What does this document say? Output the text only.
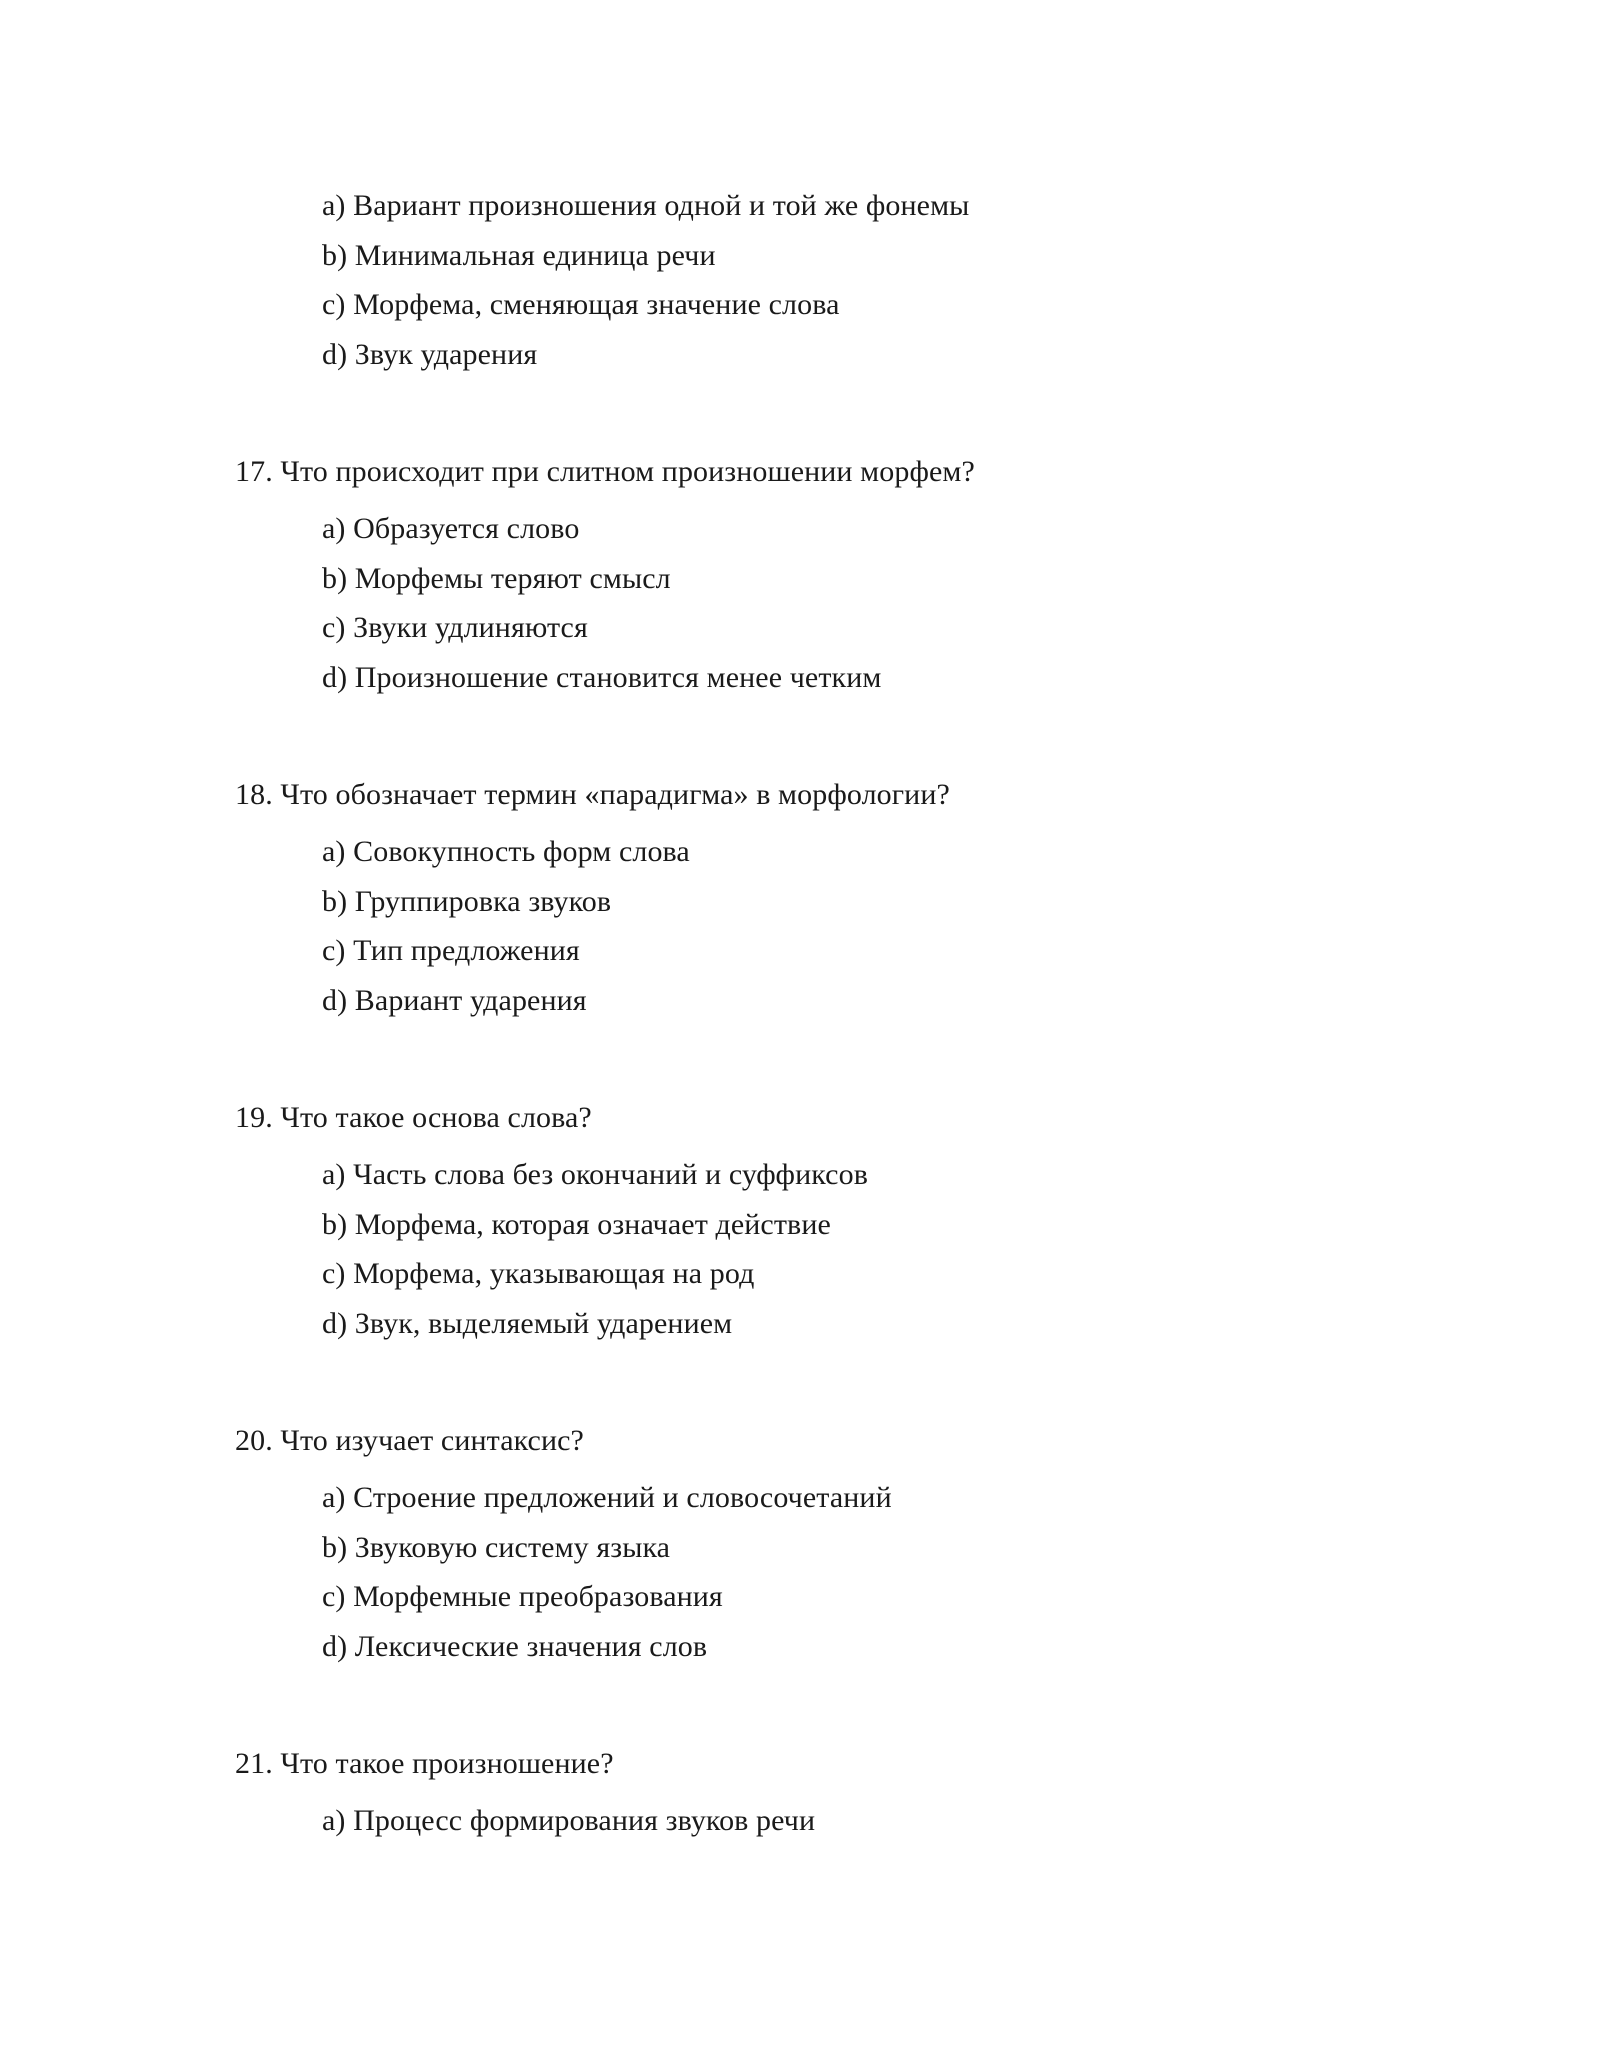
a) Вариант произношения одной и той же фонемы
b) Минимальная единица речи
c) Морфема, сменяющая значение слова
d) Звук ударения
17. Что происходит при слитном произношении морфем?
a) Образуется слово
b) Морфемы теряют смысл
c) Звуки удлиняются
d) Произношение становится менее четким
18. Что обозначает термин «парадигма» в морфологии?
a) Совокупность форм слова
b) Группировка звуков
c) Тип предложения
d) Вариант ударения
19. Что такое основа слова?
a) Часть слова без окончаний и суффиксов
b) Морфема, которая означает действие
c) Морфема, указывающая на род
d) Звук, выделяемый ударением
20. Что изучает синтаксис?
a) Строение предложений и словосочетаний
b) Звуковую систему языка
c) Морфемные преобразования
d) Лексические значения слов
21. Что такое произношение?
a) Процесс формирования звуков речи
